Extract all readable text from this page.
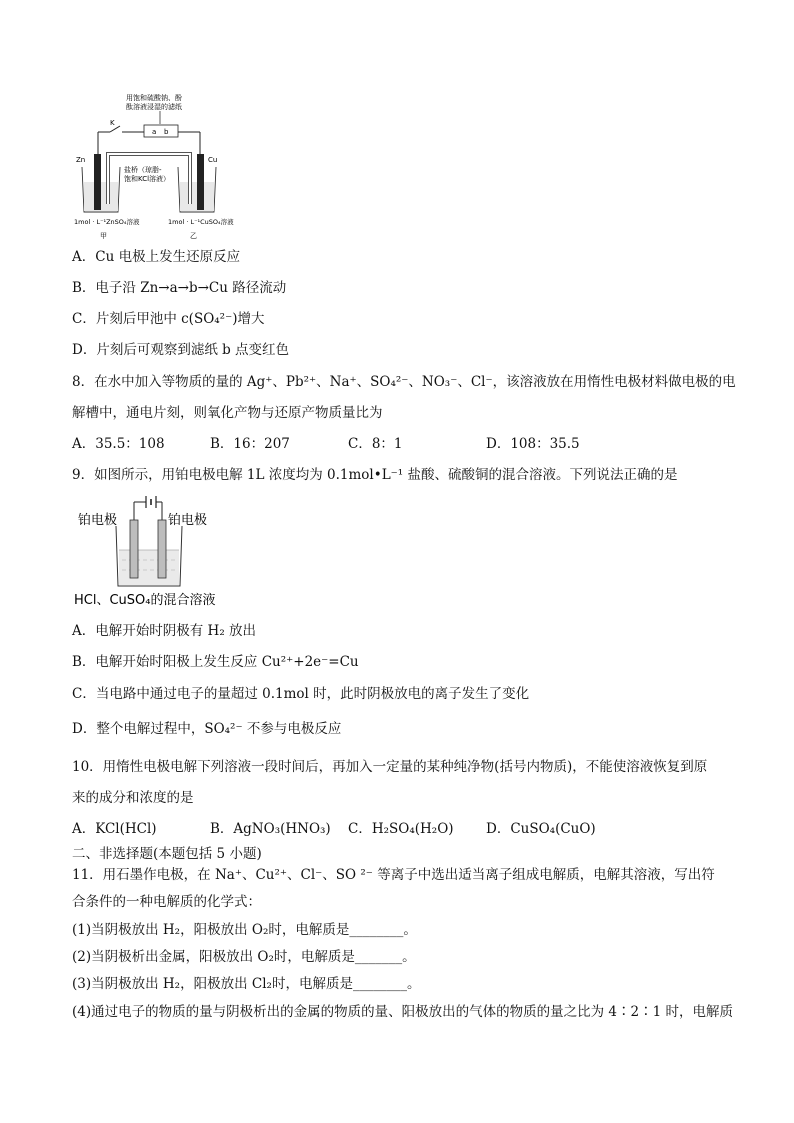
用饱和硫酸钠、酚
酞溶液浸湿的滤纸
K
a b
Zn	Cu
盐桥（琼脂-
饱和KCl溶液）
1mol · L⁻¹ZnSO₄溶液	1mol · L⁻¹CuSO₄溶液
甲	乙
A．Cu 电极上发生还原反应
B．电子沿 Zn→a→b→Cu 路径流动
C．片刻后甲池中 c(SO₄²⁻)增大
D．片刻后可观察到滤纸 b 点变红色
8．在水中加入等物质的量的 Ag⁺、Pb²⁺、Na⁺、SO₄²⁻、NO₃⁻、Cl⁻，该溶液放在用惰性电极材料做电极的电
解槽中，通电片刻，则氧化产物与还原产物质量比为
A．35.5：108	B．16：207	C．8：1	D．108：35.5
9．如图所示，用铂电极电解 1L 浓度均为 0.1mol•L⁻¹ 盐酸、硫酸铜的混合溶液。下列说法正确的是
铂电极	铂电极
HCl、CuSO₄的混合溶液
A．电解开始时阴极有 H₂ 放出
B．电解开始时阳极上发生反应 Cu²⁺+2e⁻=Cu
C．当电路中通过电子的量超过 0.1mol 时，此时阴极放电的离子发生了变化
D．整个电解过程中，SO₄²⁻ 不参与电极反应
10．用惰性电极电解下列溶液一段时间后，再加入一定量的某种纯净物(括号内物质)，不能使溶液恢复到原
来的成分和浓度的是
A．KCl(HCl)	B．AgNO₃(HNO₃) C．H₂SO₄(H₂O) D．CuSO₄(CuO)
二、非选择题(本题包括 5 小题)
11．用石墨作电极，在 Na⁺、Cu²⁺、Cl⁻、SO ²⁻ 等离子中选出适当离子组成电解质，电解其溶液，写出符
合条件的一种电解质的化学式：
(1)当阴极放出 H₂，阳极放出 O₂时，电解质是________。
(2)当阴极析出金属，阳极放出 O₂时，电解质是_______。
(3)当阴极放出 H₂，阳极放出 Cl₂时，电解质是________。
(4)通过电子的物质的量与阴极析出的金属的物质的量、阳极放出的气体的物质的量之比为 4∶2∶1 时，电解质
